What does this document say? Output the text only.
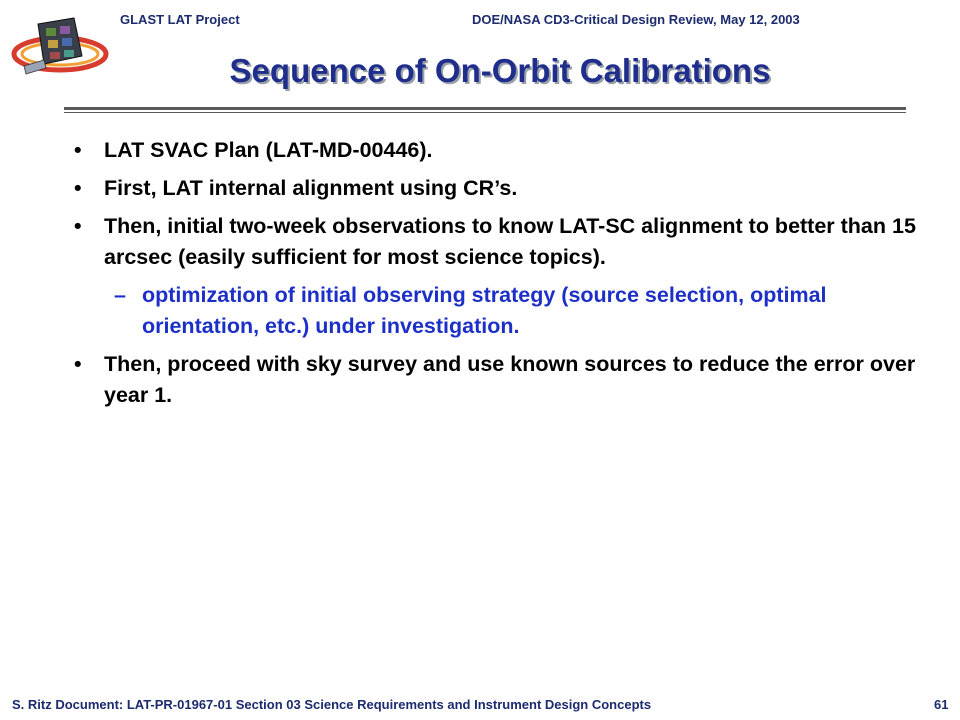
GLAST LAT Project	DOE/NASA CD3-Critical Design Review, May 12, 2003
Sequence of On-Orbit Calibrations
• LAT SVAC Plan (LAT-MD-00446).
• First, LAT internal alignment using CR’s.
• Then, initial two-week observations to know LAT-SC alignment to better than 15 arcsec (easily sufficient for most science topics).
– optimization of initial observing strategy (source selection, optimal orientation, etc.) under investigation.
• Then, proceed with sky survey and use known sources to reduce the error over year 1.
S. Ritz Document: LAT-PR-01967-01 Section 03 Science Requirements and Instrument Design Concepts	61
